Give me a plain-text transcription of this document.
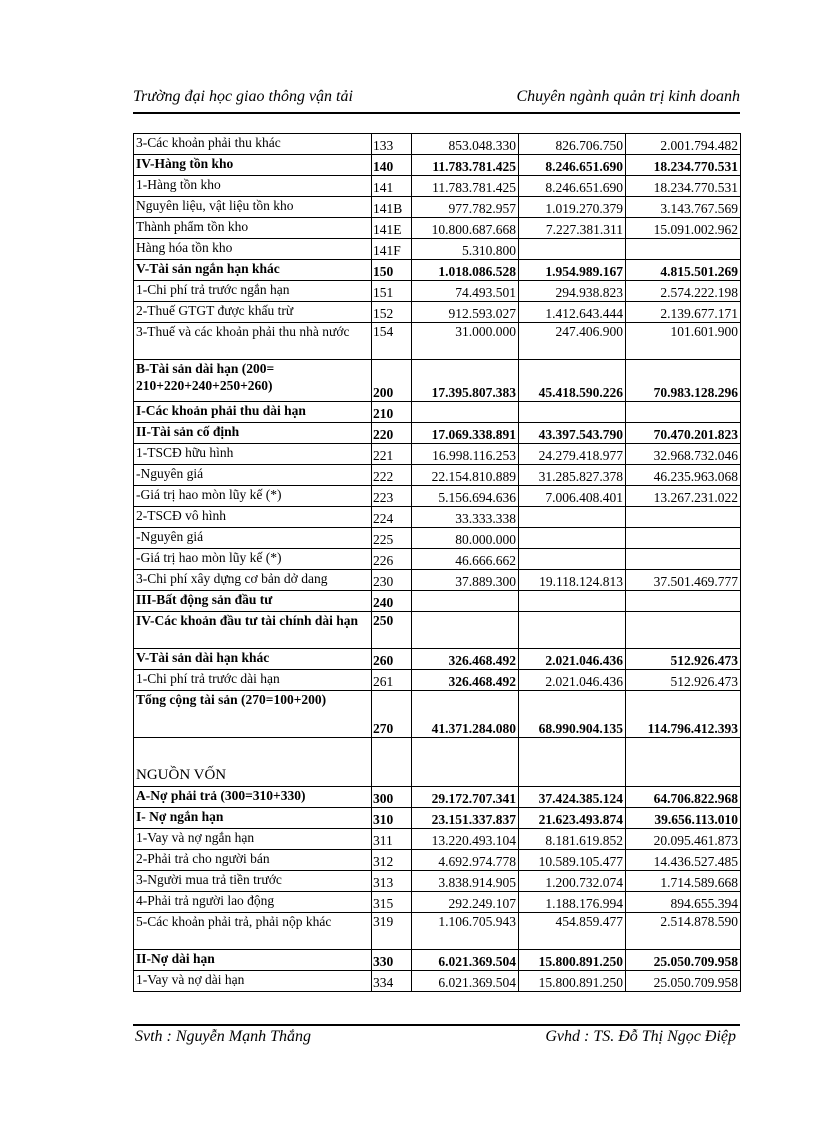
Trường đại học giao thông vận tải	Chuyên ngành quản trị kinh doanh
3-Các khoản phải thu khác	133	853.048.330	826.706.750	2.001.794.482
IV-Hàng tồn kho	140	11.783.781.425	8.246.651.690	18.234.770.531
1-Hàng tồn kho	141	11.783.781.425	8.246.651.690	18.234.770.531
Nguyên liệu, vật liệu tồn kho	141B	977.782.957	1.019.270.379	3.143.767.569
Thành phẩm tồn kho	141E	10.800.687.668	7.227.381.311	15.091.002.962
Hàng hóa tồn kho	141F	5.310.800		
V-Tài sản ngắn hạn khác	150	1.018.086.528	1.954.989.167	4.815.501.269
1-Chi phí trả trước ngắn hạn	151	74.493.501	294.938.823	2.574.222.198
2-Thuế GTGT được khấu trừ	152	912.593.027	1.412.643.444	2.139.677.171
3-Thuế và các khoản phải thu nhà nước	154	31.000.000	247.406.900	101.601.900
B-Tài sản dài hạn (200= 210+220+240+250+260)	200	17.395.807.383	45.418.590.226	70.983.128.296
I-Các khoản phải thu dài hạn	210			
II-Tài sản cố định	220	17.069.338.891	43.397.543.790	70.470.201.823
1-TSCĐ hữu hình	221	16.998.116.253	24.279.418.977	32.968.732.046
-Nguyên giá	222	22.154.810.889	31.285.827.378	46.235.963.068
-Giá trị hao mòn lũy kế (*)	223	5.156.694.636	7.006.408.401	13.267.231.022
2-TSCĐ vô hình	224	33.333.338		
-Nguyên giá	225	80.000.000		
-Giá trị hao mòn lũy kế (*)	226	46.666.662		
3-Chi phí xây dựng cơ bản dở dang	230	37.889.300	19.118.124.813	37.501.469.777
III-Bất động sản đầu tư	240			
IV-Các khoản đầu tư tài chính dài hạn	250			
V-Tài sản dài hạn khác	260	326.468.492	2.021.046.436	512.926.473
1-Chi phí trả trước dài hạn	261	326.468.492	2.021.046.436	512.926.473
Tổng cộng tài sản (270=100+200)	270	41.371.284.080	68.990.904.135	114.796.412.393
NGUỒN VỐN				
A-Nợ phải trả (300=310+330)	300	29.172.707.341	37.424.385.124	64.706.822.968
I- Nợ ngắn hạn	310	23.151.337.837	21.623.493.874	39.656.113.010
1-Vay và nợ ngắn hạn	311	13.220.493.104	8.181.619.852	20.095.461.873
2-Phải trả cho người bán	312	4.692.974.778	10.589.105.477	14.436.527.485
3-Người mua trả tiền trước	313	3.838.914.905	1.200.732.074	1.714.589.668
4-Phải trả người lao động	315	292.249.107	1.188.176.994	894.655.394
5-Các khoản phải trả, phải nộp khác	319	1.106.705.943	454.859.477	2.514.878.590
II-Nợ dài hạn	330	6.021.369.504	15.800.891.250	25.050.709.958
1-Vay và nợ dài hạn	334	6.021.369.504	15.800.891.250	25.050.709.958
Svth : Nguyễn Mạnh Thắng	Gvhd : TS. Đỗ Thị Ngọc Điệp
